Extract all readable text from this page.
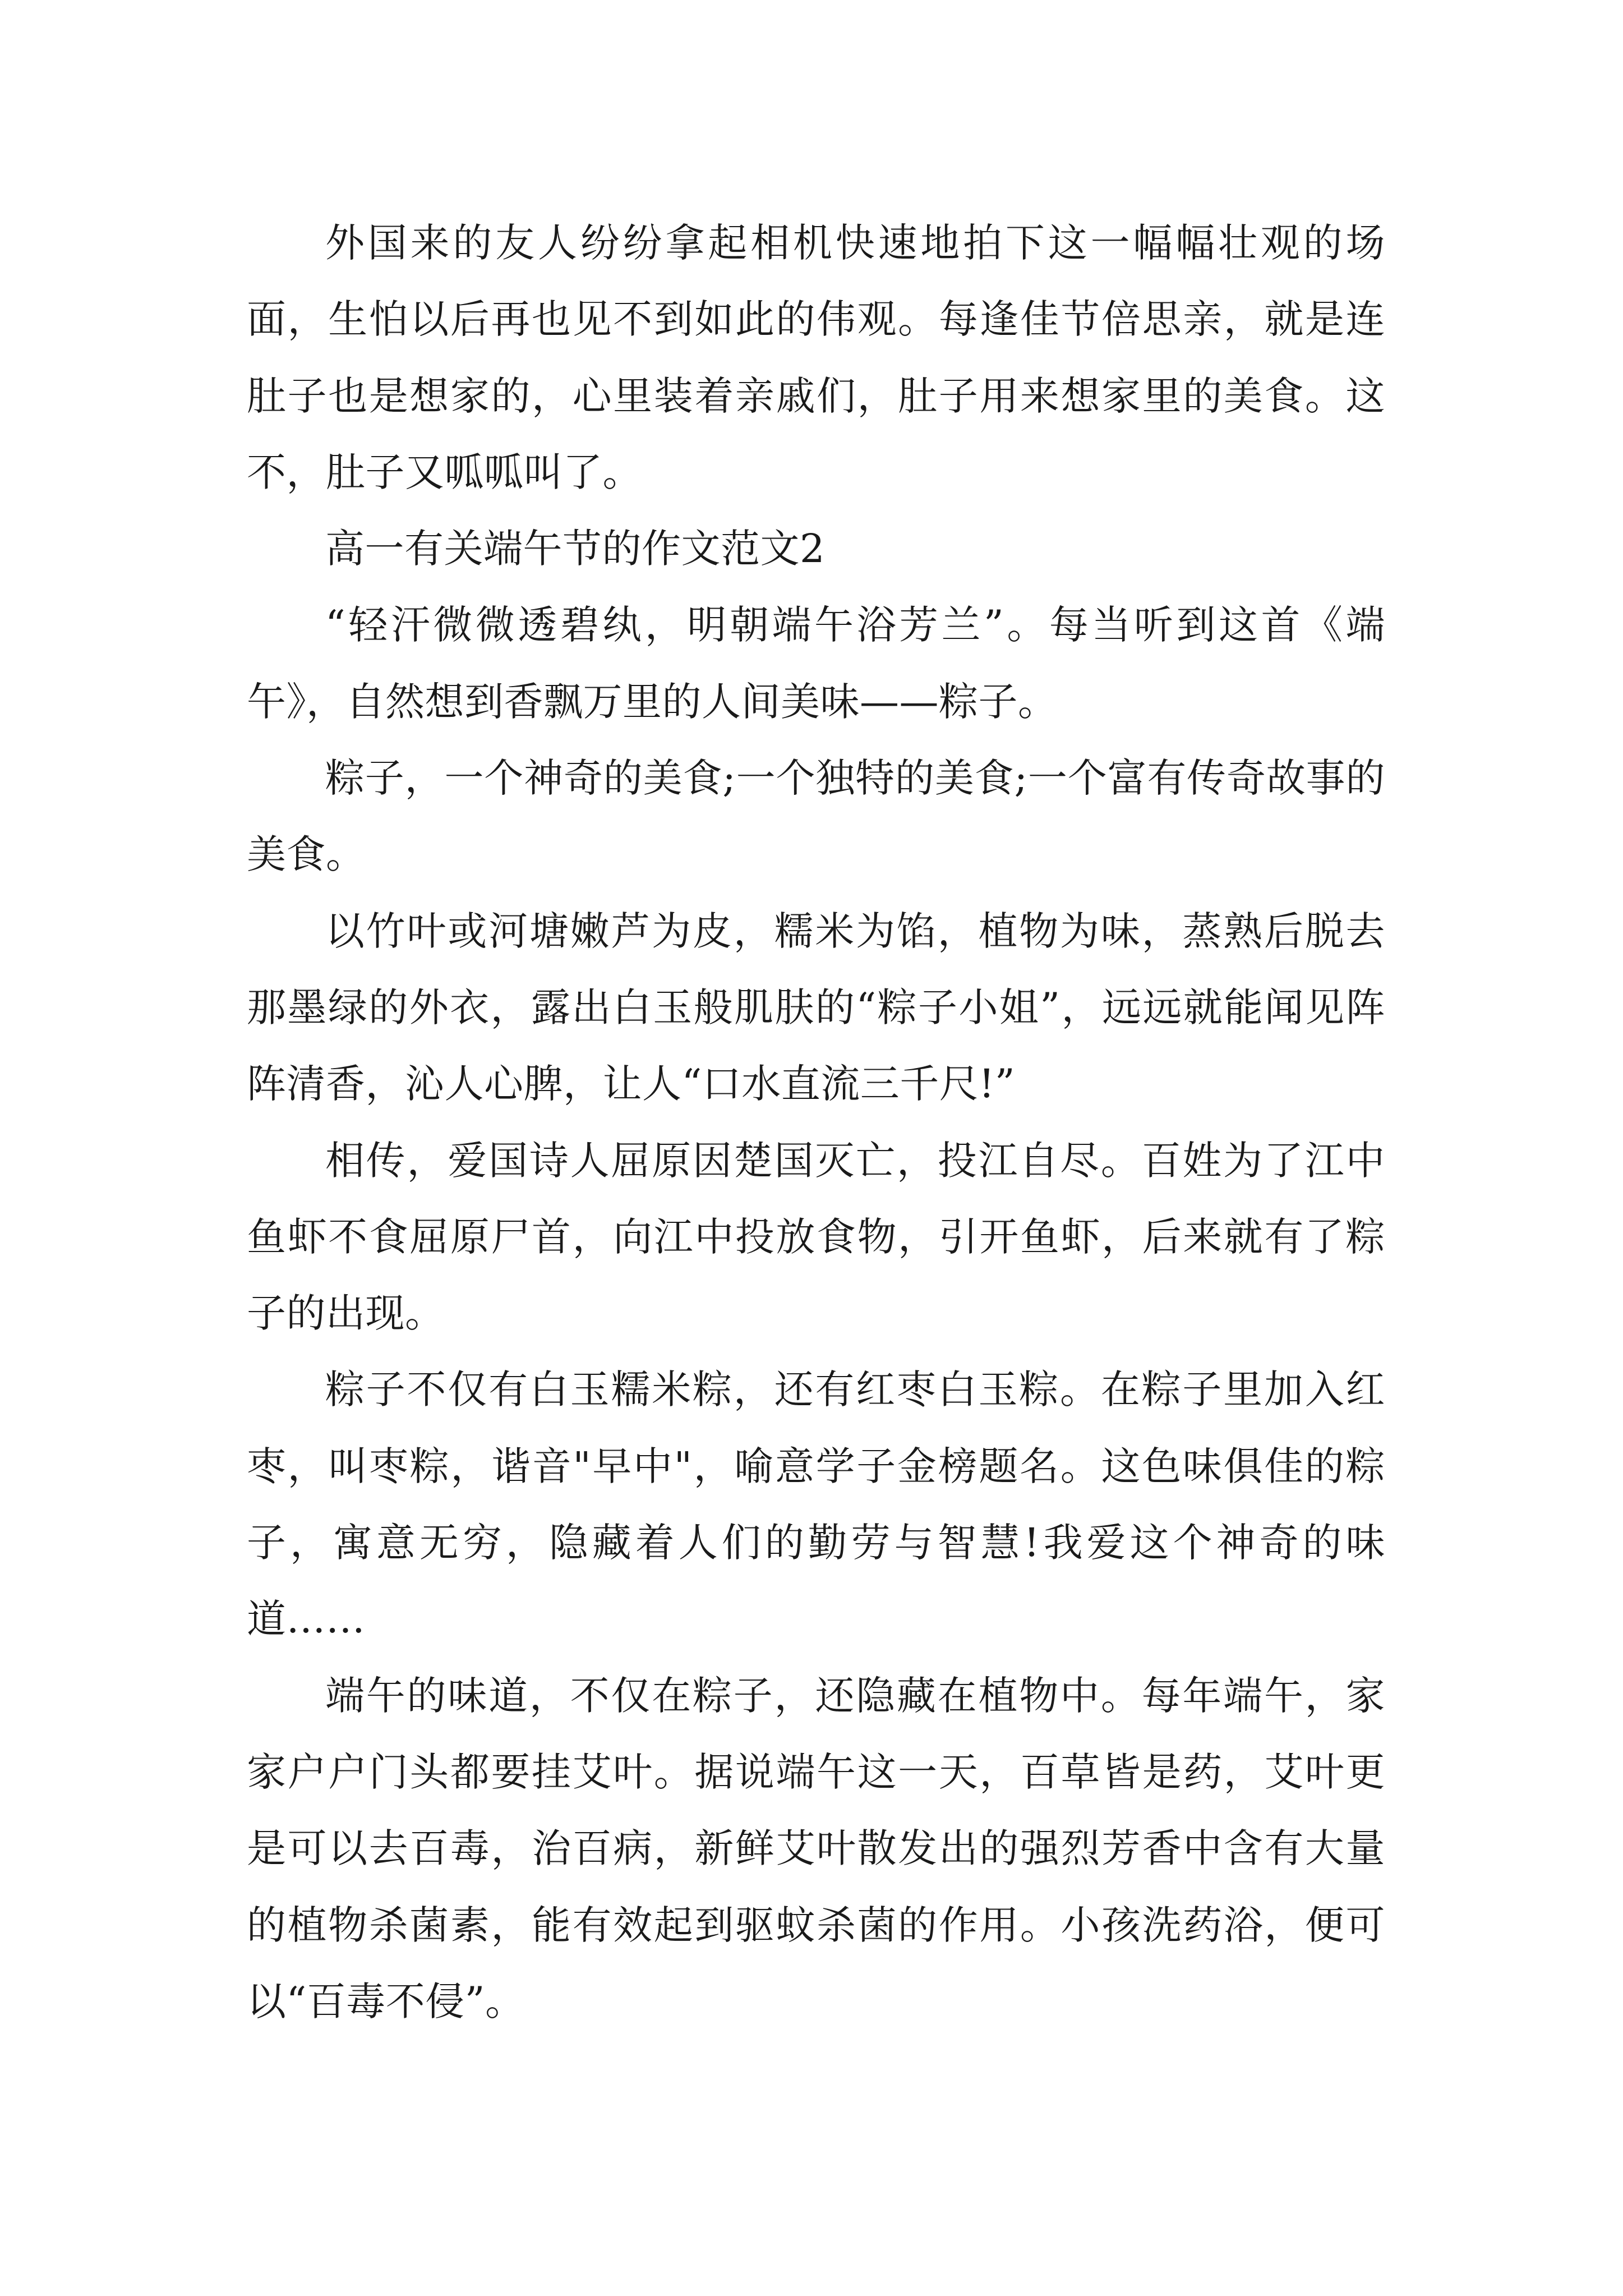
外国来的友人纷纷拿起相机快速地拍下这一幅幅壮观的场面，生怕以后再也见不到如此的伟观。每逢佳节倍思亲，就是连肚子也是想家的，心里装着亲戚们，肚子用来想家里的美食。这不，肚子又呱呱叫了。

高一有关端午节的作文范文2

“轻汗微微透碧纨，明朝端午浴芳兰”。每当听到这首《端午》，自然想到香飘万里的人间美味——粽子。

粽子，一个神奇的美食;一个独特的美食;一个富有传奇故事的美食。

以竹叶或河塘嫩芦为皮，糯米为馅，植物为味，蒸熟后脱去那墨绿的外衣，露出白玉般肌肤的“粽子小姐”，远远就能闻见阵阵清香，沁人心脾，让人“口水直流三千尺!”

相传，爱国诗人屈原因楚国灭亡，投江自尽。百姓为了江中鱼虾不食屈原尸首，向江中投放食物，引开鱼虾，后来就有了粽子的出现。

粽子不仅有白玉糯米粽，还有红枣白玉粽。在粽子里加入红枣，叫枣粽，谐音"早中"，喻意学子金榜题名。这色味俱佳的粽子，寓意无穷，隐藏着人们的勤劳与智慧!我爱这个神奇的味道……

端午的味道，不仅在粽子，还隐藏在植物中。每年端午，家家户户门头都要挂艾叶。据说端午这一天，百草皆是药，艾叶更是可以去百毒，治百病，新鲜艾叶散发出的强烈芳香中含有大量的植物杀菌素，能有效起到驱蚊杀菌的作用。小孩洗药浴，便可以“百毒不侵”。
